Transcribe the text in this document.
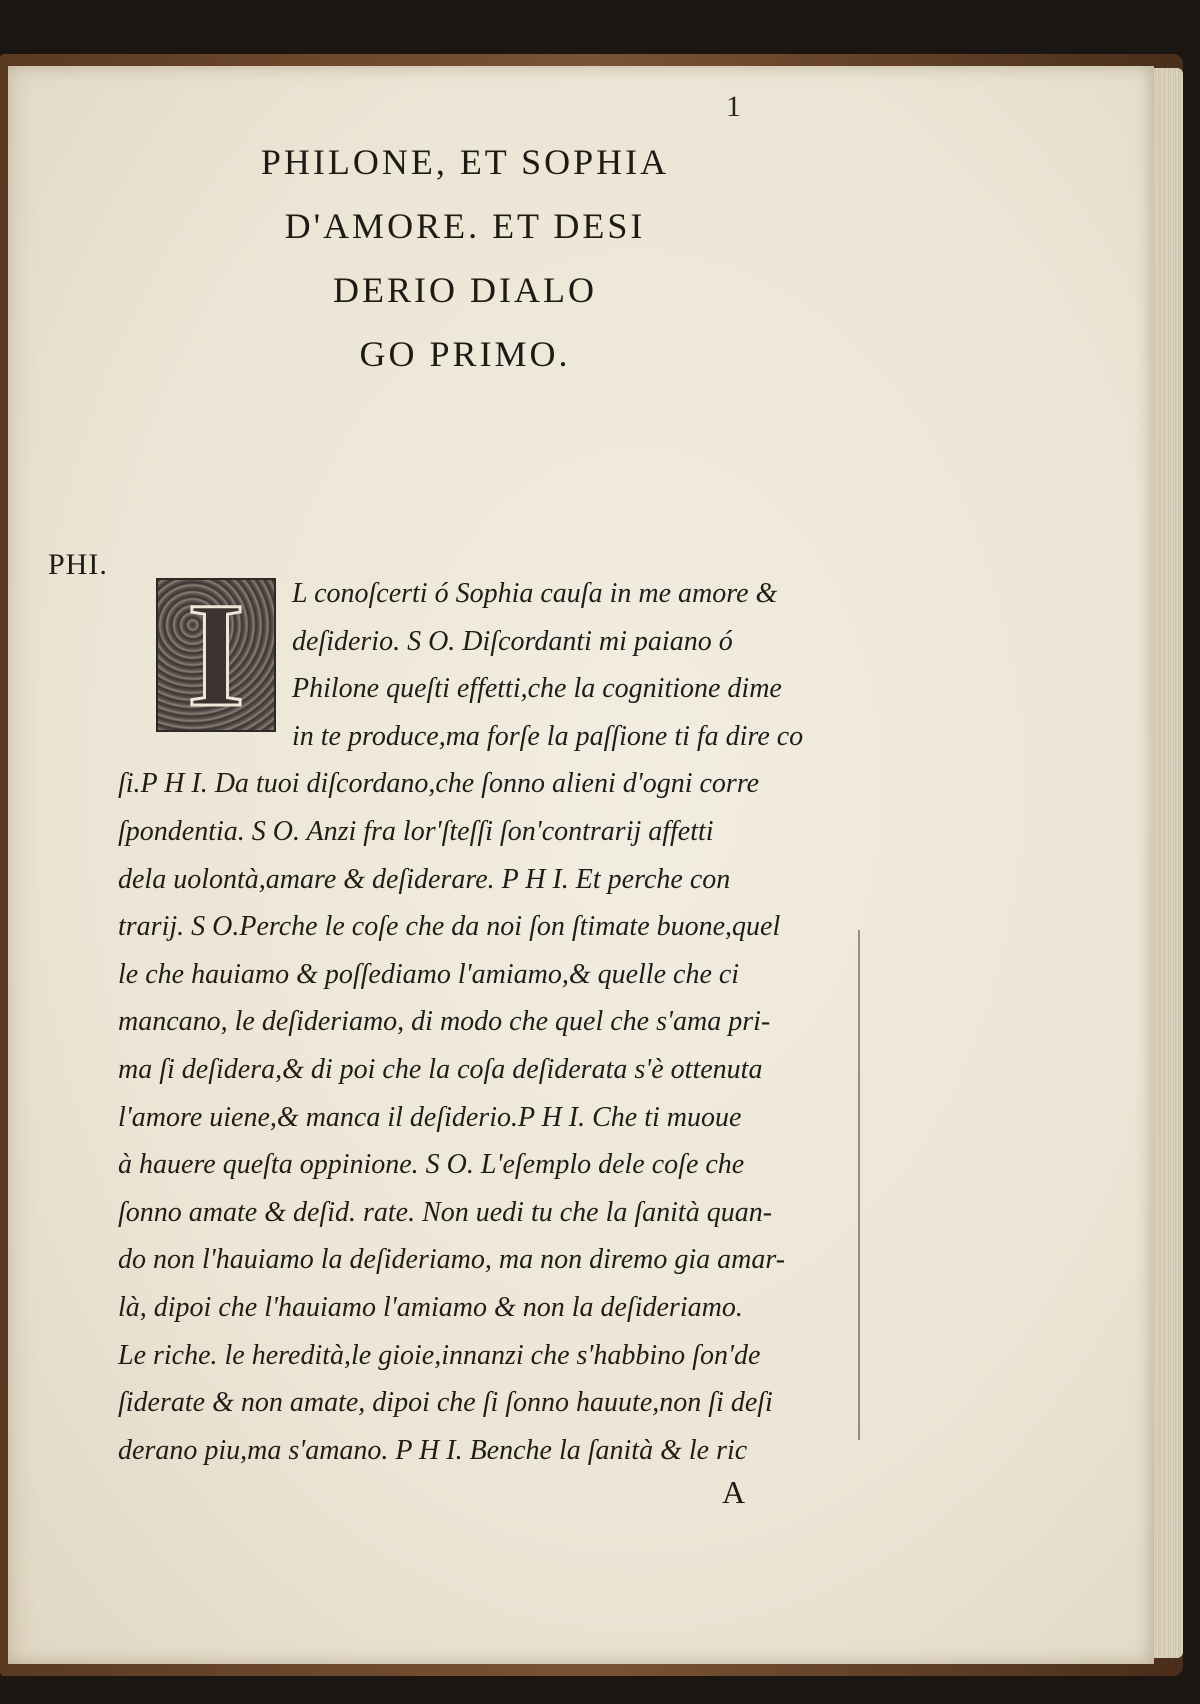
1
PHILONE, ET SOPHIA
D'AMORE. ET DESI
DERIO DIALO
GO PRIMO.
PHI.
I	L conoſcerti ó Sophia cauſa in me amore &
deſiderio. S O. Diſcordanti mi paiano ó
Philone queſti effetti,che la cognitione dime
in te produce,ma forſe la paſſione ti fa dire co
ſi.P H I. Da tuoi diſcordano,che ſonno alieni d'ogni corre
ſpondentia. S O. Anzi fra lor'ſteſſi ſon'contrarij affetti
dela uolontà,amare & deſiderare. P H I. Et perche con
trarij. S O.Perche le coſe che da noi ſon ſtimate buone,quel
le che hauiamo & poſſediamo l'amiamo,& quelle che ci
mancano, le deſideriamo, di modo che quel che s'ama pri-
ma ſi deſidera,& di poi che la coſa deſiderata s'è ottenuta
l'amore uiene,& manca il deſiderio.P H I. Che ti muoue
à hauere queſta oppinione. S O. L'eſemplo dele coſe che
ſonno amate & deſid. rate. Non uedi tu che la ſanità quan-
do non l'hauiamo la deſideriamo, ma non diremo gia amar-
là, dipoi che l'hauiamo l'amiamo & non la deſideriamo.
Le riche. le heredità,le gioie,innanzi che s'habbino ſon'de
ſiderate & non amate, dipoi che ſi ſonno hauute,non ſi deſi
derano piu,ma s'amano. P H I. Benche la ſanità & le ric
A
